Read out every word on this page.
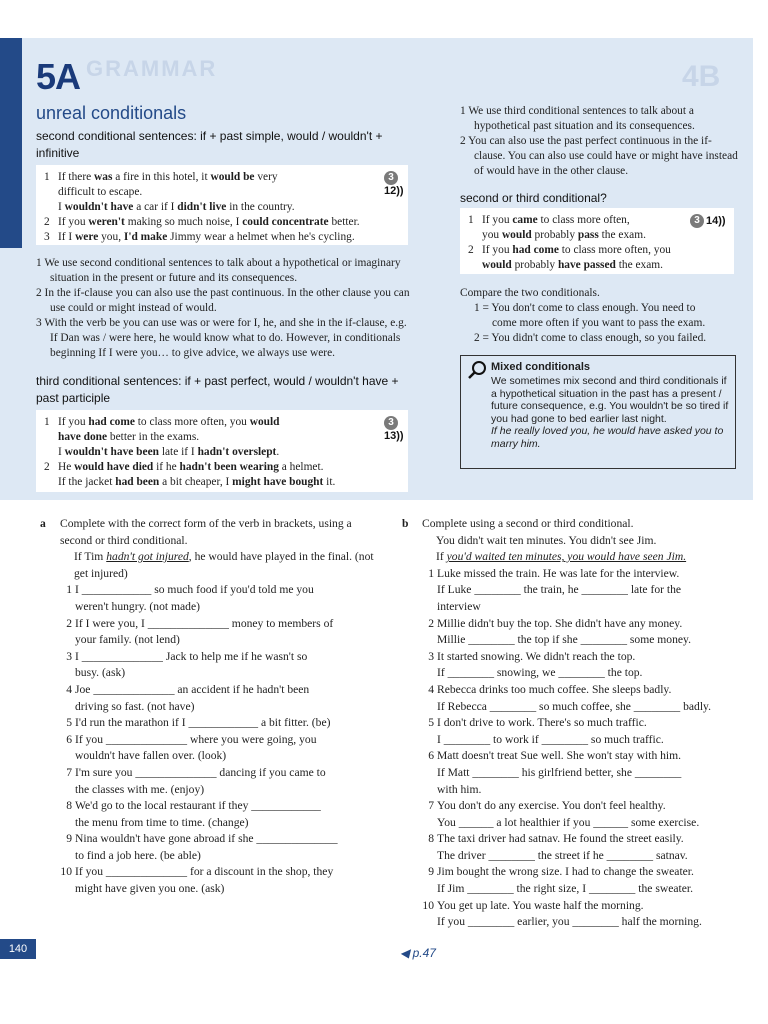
GRAMMAR	4B
5A
unreal conditionals
second conditional sentences: if + past simple, would / wouldn't + infinitive
1 If there was a fire in this hotel, it would be very
difficult to escape.
I wouldn't have a car if I didn't live in the country.
2 If you weren't making so much noise, I could concentrate better.
3 If I were you, I'd make Jimmy wear a helmet when he's cycling.
312))
1 We use second conditional sentences to talk about a hypothetical or imaginary situation in the present or future and its consequences.
2 In the if-clause you can also use the past continuous. In the other clause you can use could or might instead of would.
3 With the verb be you can use was or were for I, he, and she in the if-clause, e.g. If Dan was / were here, he would know what to do. However, in conditionals beginning If I were you… to give advice, we always use were.
third conditional sentences: if + past perfect, would / wouldn't have + past participle
1 If you had come to class more often, you would
have done better in the exams.
I wouldn't have been late if I hadn't overslept.
2 He would have died if he hadn't been wearing a helmet.
If the jacket had been a bit cheaper, I might have bought it.
313))
1 We use third conditional sentences to talk about a hypothetical past situation and its consequences.
2 You can also use the past perfect continuous in the if-clause. You can also use could have or might have instead of would have in the other clause.
second or third conditional?
1 If you came to class more often,
you would probably pass the exam.
2 If you had come to class more often, you
would probably have passed the exam.
3 14))
Compare the two conditionals.
1 = You don't come to class enough. You need to
come more often if you want to pass the exam.
2 = You didn't come to class enough, so you failed.
Mixed conditionals
We sometimes mix second and third conditionals if a hypothetical situation in the past has a present / future consequence, e.g. You wouldn't be so tired if you had gone to bed earlier last night.
If he really loved you, he would have asked you to marry him.
a Complete with the correct form of the verb in brackets, using a second or third conditional.
If Tim hadn't got injured, he would have played in the final. (not get injured)
1 I ____________ so much food if you'd told me you
weren't hungry. (not made)
2 If I were you, I ______________ money to members of
your family. (not lend)
3 I ______________ Jack to help me if he wasn't so
busy. (ask)
4 Joe ______________ an accident if he hadn't been
driving so fast. (not have)
5 I'd run the marathon if I ____________ a bit fitter. (be)
6 If you ______________ where you were going, you
wouldn't have fallen over. (look)
7 I'm sure you ______________ dancing if you came to
the classes with me. (enjoy)
8 We'd go to the local restaurant if they ____________
the menu from time to time. (change)
9 Nina wouldn't have gone abroad if she ______________
to find a job here. (be able)
10 If you ______________ for a discount in the shop, they
might have given you one. (ask)
b Complete using a second or third conditional.
You didn't wait ten minutes. You didn't see Jim.
If you'd waited ten minutes, you would have seen Jim.
1 Luke missed the train. He was late for the interview.
If Luke ________ the train, he ________ late for the
interview
2 Millie didn't buy the top. She didn't have any money.
Millie ________ the top if she ________ some money.
3 It started snowing. We didn't reach the top.
If ________ snowing, we ________ the top.
4 Rebecca drinks too much coffee. She sleeps badly.
If Rebecca ________ so much coffee, she ________ badly.
5 I don't drive to work. There's so much traffic.
I ________ to work if ________ so much traffic.
6 Matt doesn't treat Sue well. She won't stay with him.
If Matt ________ his girlfriend better, she ________
with him.
7 You don't do any exercise. You don't feel healthy.
You ______ a lot healthier if you ______ some exercise.
8 The taxi driver had satnav. He found the street easily.
The driver ________ the street if he ________ satnav.
9 Jim bought the wrong size. I had to change the sweater.
If Jim ________ the right size, I ________ the sweater.
10 You get up late. You waste half the morning.
If you ________ earlier, you ________ half the morning.
140	◀ p.47
